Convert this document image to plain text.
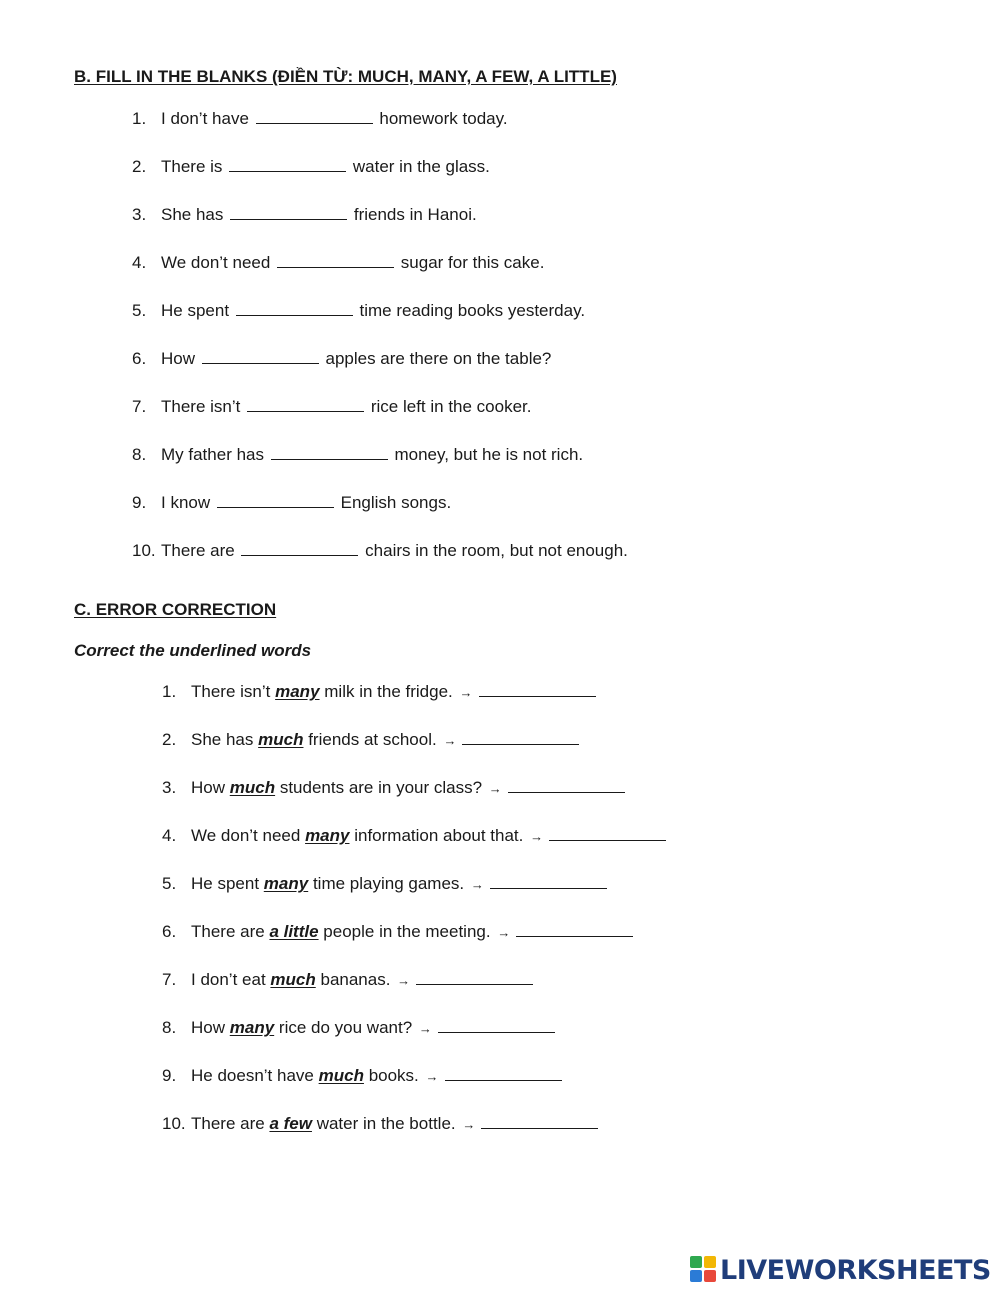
B. FILL IN THE BLANKS (ĐIỀN TỪ: MUCH, MANY, A FEW, A LITTLE)
1. I don’t have	homework today.
2. There is	water in the glass.
3. She has	friends in Hanoi.
4. We don’t need	sugar for this cake.
5. He spent	time reading books yesterday.
6. How	apples are there on the table?
7. There isn’t	rice left in the cooker.
8. My father has	money, but he is not rich.
9. I know	English songs.
10. There are	chairs in the room, but not enough.
C. ERROR CORRECTION

Correct the underlined words

1. There isn’t many milk in the fridge. →
2. She has much friends at school. →
3. How much students are in your class? →
4. We don’t need many information about that. →
5. He spent many time playing games. →
6. There are a little people in the meeting. →
7. I don’t eat much bananas. →
8. How many rice do you want? →
9. He doesn’t have much books. →
10. There are a few water in the bottle. →
LIVEWORKSHEETS
